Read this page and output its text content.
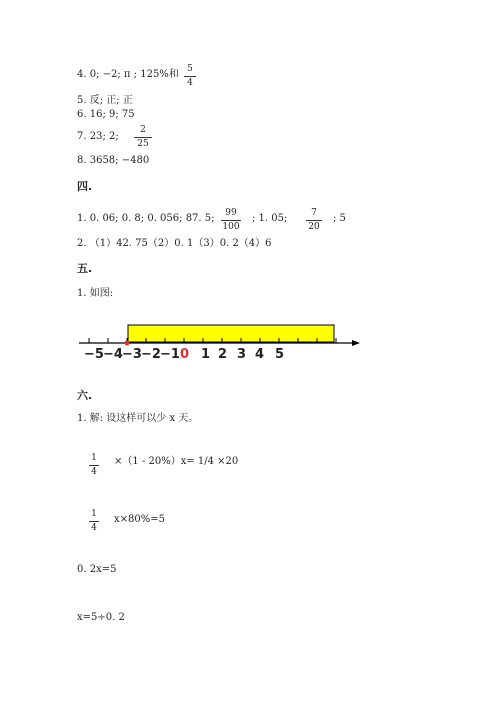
4. 0; −2; π ; 125%和 5
4
5. 反; 正; 正
6. 16; 9; 75
7. 23; 2;
2
25
8. 3658; −480
四.
1. 0. 06; 0. 8; 0. 056; 87. 5;	99
100
; 1. 05;	7
20
; 5
2. （1）42. 75（2）0. 1（3）0. 2（4）6
五.
1. 如图:
−5 −4 −3 −2 −1 0 1 2 3 4 5
六.
1. 解: 设这样可以少 x 天。
1
4
×（1 - 20%）x= 1/4 ×20
1
4
x×80%=5
0. 2x=5
x=5÷0. 2
